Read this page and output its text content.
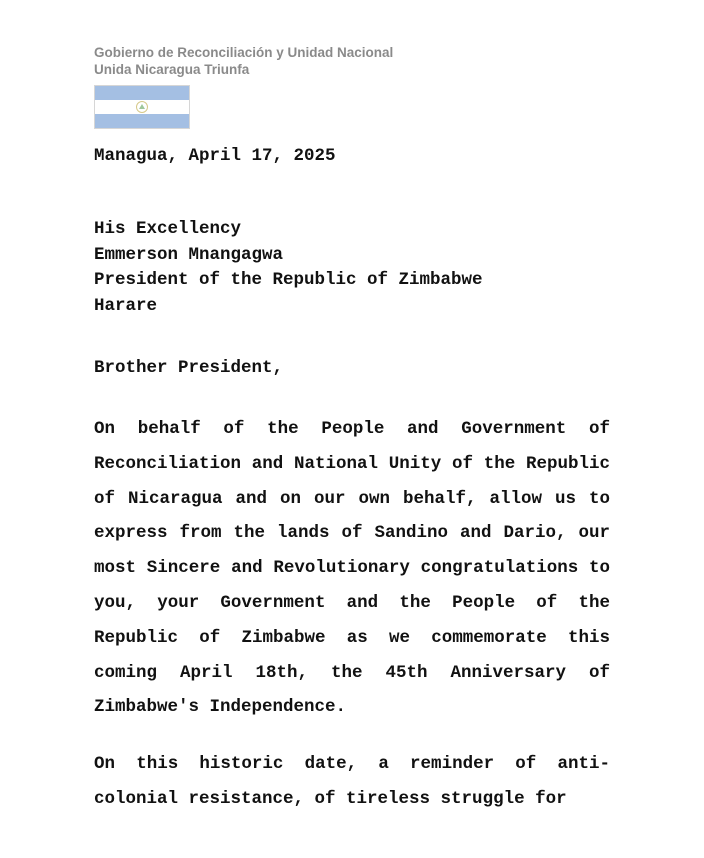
Gobierno de Reconciliación y Unidad Nacional
Unida Nicaragua Triunfa
Managua, April 17, 2025
His Excellency
Emmerson Mnangagwa
President of the Republic of Zimbabwe
Harare
Brother President,
On behalf of the People and Government of Reconciliation and National Unity of the Republic of Nicaragua and on our own behalf, allow us to express from the lands of Sandino and Dario, our most Sincere and Revolutionary congratulations to you, your Government and the People of the Republic of Zimbabwe as we commemorate this coming April 18th, the 45th Anniversary of Zimbabwe's Independence.
On this historic date, a reminder of anti-colonial resistance, of tireless struggle for
